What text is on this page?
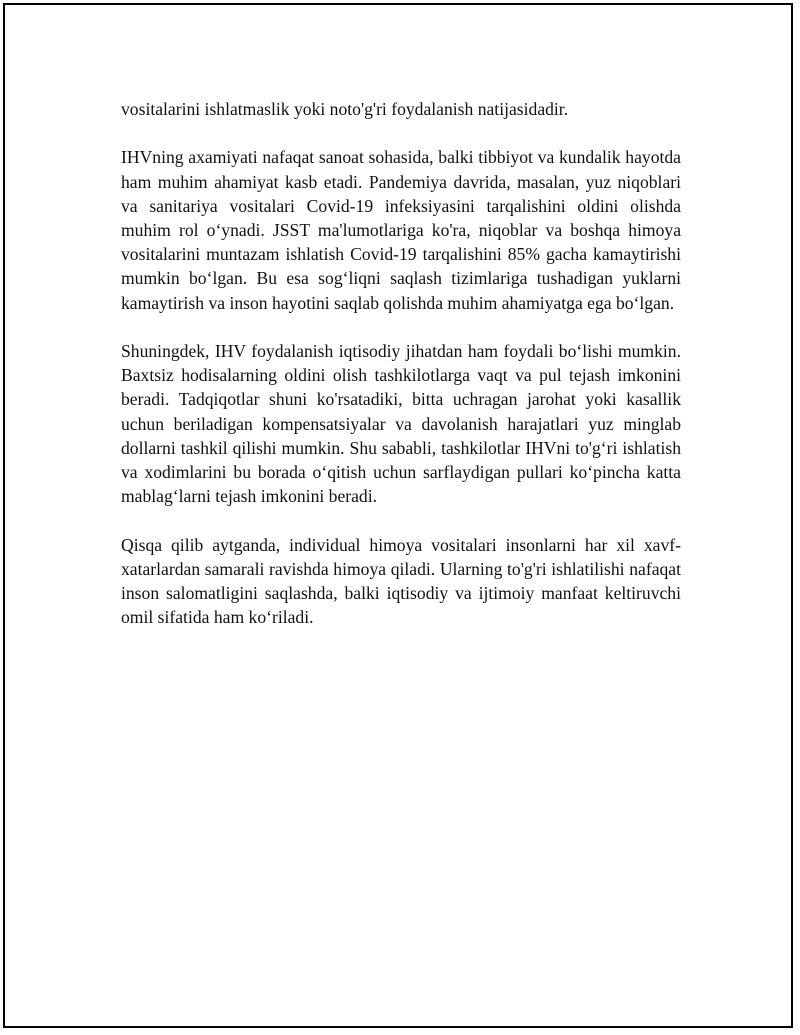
vositalarini ishlatmaslik yoki noto'g'ri foydalanish natijasidadir.

IHVning axamiyati nafaqat sanoat sohasida, balki tibbiyot va kundalik hayotda ham muhim ahamiyat kasb etadi. Pandemiya davrida, masalan, yuz niqoblari va sanitariya vositalari Covid-19 infeksiyasini tarqalishini oldini olishda muhim rol o‘ynadi. JSST ma'lumotlariga ko'ra, niqoblar va boshqa himoya vositalarini muntazam ishlatish Covid-19 tarqalishini 85% gacha kamaytirishi mumkin bo‘lgan. Bu esa sog‘liqni saqlash tizimlariga tushadigan yuklarni kamaytirish va inson hayotini saqlab qolishda muhim ahamiyatga ega bo‘lgan.

Shuningdek, IHV foydalanish iqtisodiy jihatdan ham foydali bo‘lishi mumkin. Baxtsiz hodisalarning oldini olish tashkilotlarga vaqt va pul tejash imkonini beradi. Tadqiqotlar shuni ko'rsatadiki, bitta uchragan jarohat yoki kasallik uchun beriladigan kompensatsiyalar va davolanish harajatlari yuz minglab dollarni tashkil qilishi mumkin. Shu sababli, tashkilotlar IHVni to'g‘ri ishlatish va xodimlarini bu borada o‘qitish uchun sarflaydigan pullari ko‘pincha katta mablag‘larni tejash imkonini beradi.

Qisqa qilib aytganda, individual himoya vositalari insonlarni har xil xavf-xatarlardan samarali ravishda himoya qiladi. Ularning to'g'ri ishlatilishi nafaqat inson salomatligini saqlashda, balki iqtisodiy va ijtimoiy manfaat keltiruvchi omil sifatida ham ko‘riladi.
